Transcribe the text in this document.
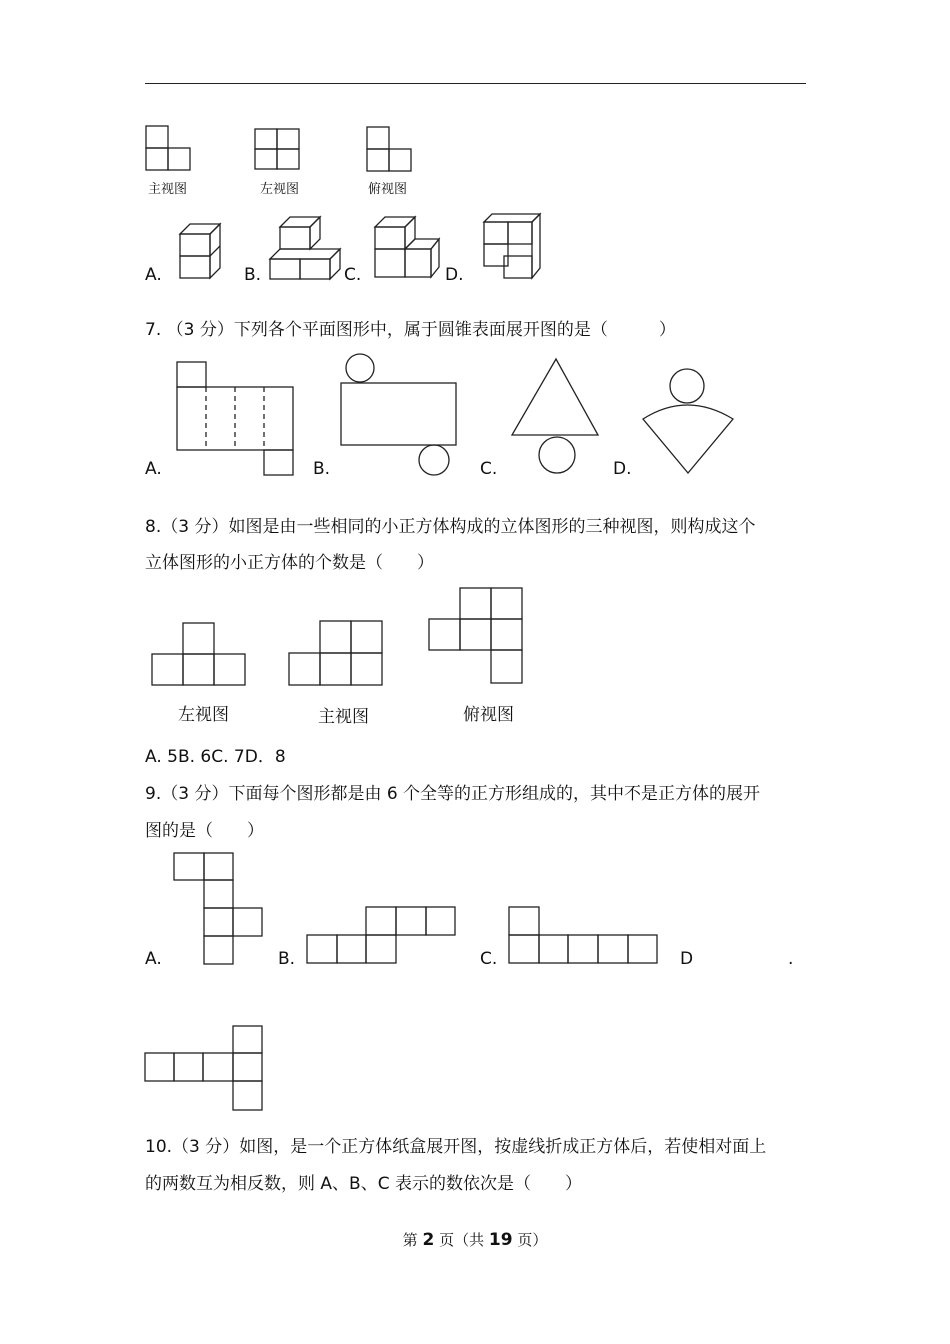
主视图	左视图	俯视图
A.	B.	C.	D.
7. （3 分）下列各个平面图形中，属于圆锥表面展开图的是（　　　）
A.	B.	C.	D.
8.（3 分）如图是由一些相同的小正方体构成的立体图形的三种视图，则构成这个
立体图形的小正方体的个数是（　　）
左视图	主视图	俯视图
A. 5B. 6C. 7D．8
9.（3 分）下面每个图形都是由 6 个全等的正方形组成的，其中不是正方体的展开
图的是（　　）
A.	B.	C.	D	.
10.（3 分）如图，是一个正方体纸盒展开图，按虚线折成正方体后，若使相对面上
的两数互为相反数，则 A、B、C 表示的数依次是（　　）
第 2 页（共 19 页）
